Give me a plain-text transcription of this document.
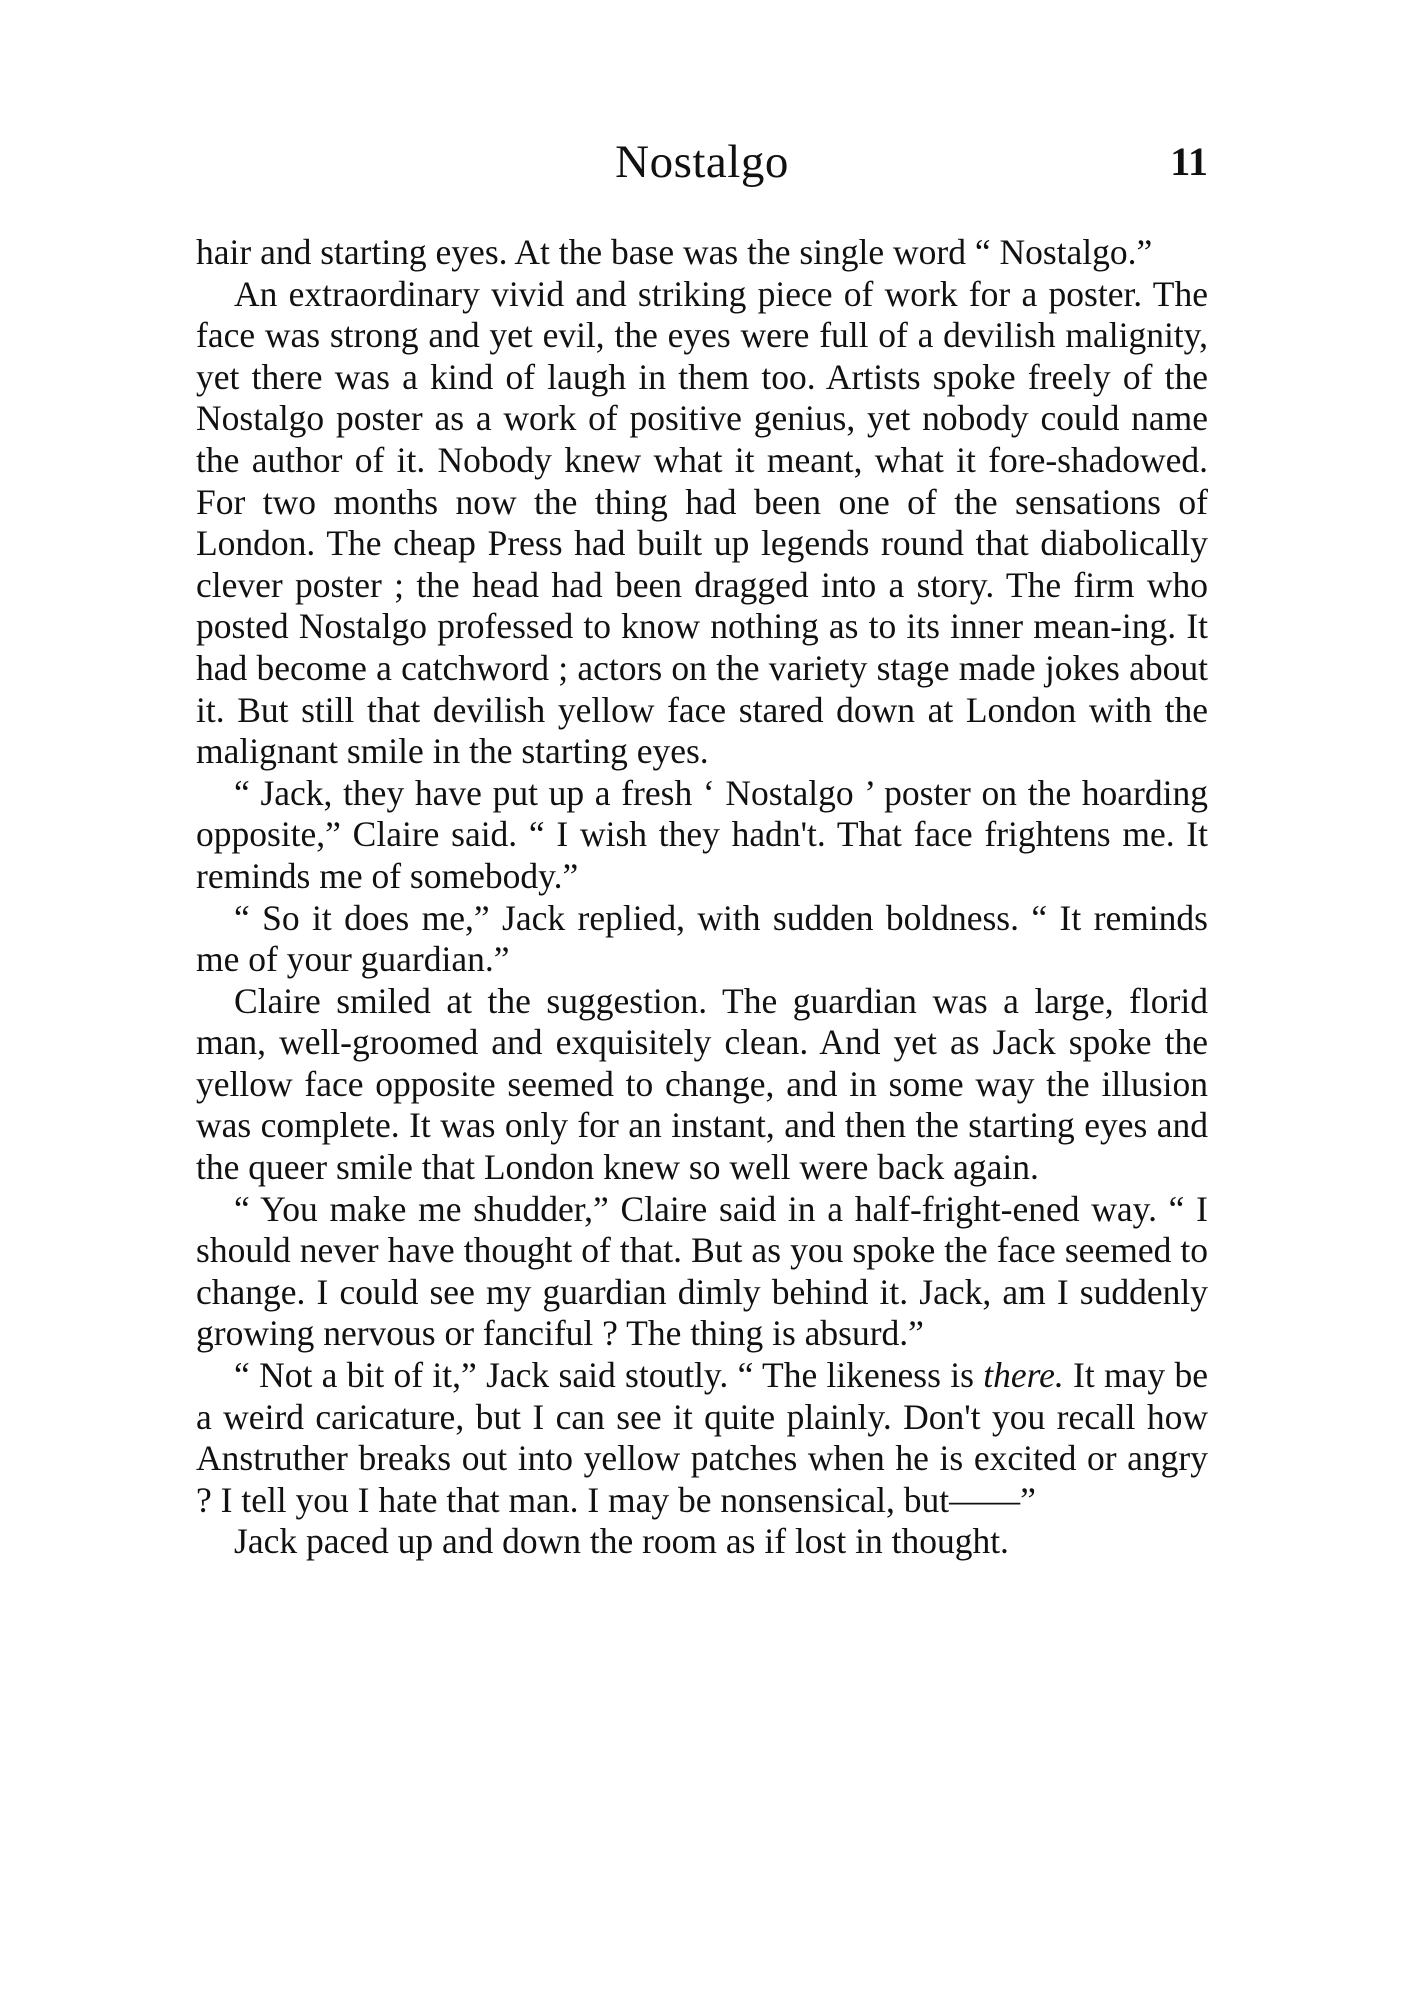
Nostalgo	11

hair and starting eyes. At the base was the single word “ Nostalgo.”

An extraordinary vivid and striking piece of work for a poster. The face was strong and yet evil, the eyes were full of a devilish malignity, yet there was a kind of laugh in them too. Artists spoke freely of the Nostalgo poster as a work of positive genius, yet nobody could name the author of it. Nobody knew what it meant, what it fore-shadowed. For two months now the thing had been one of the sensations of London. The cheap Press had built up legends round that diabolically clever poster ; the head had been dragged into a story. The firm who posted Nostalgo professed to know nothing as to its inner mean-ing. It had become a catchword ; actors on the variety stage made jokes about it. But still that devilish yellow face stared down at London with the malignant smile in the starting eyes.

“ Jack, they have put up a fresh ‘ Nostalgo ’ poster on the hoarding opposite,” Claire said. “ I wish they hadn't. That face frightens me. It reminds me of somebody.”

“ So it does me,” Jack replied, with sudden boldness. “ It reminds me of your guardian.”

Claire smiled at the suggestion. The guardian was a large, florid man, well-groomed and exquisitely clean. And yet as Jack spoke the yellow face opposite seemed to change, and in some way the illusion was complete. It was only for an instant, and then the starting eyes and the queer smile that London knew so well were back again.

“ You make me shudder,” Claire said in a half-fright-ened way. “ I should never have thought of that. But as you spoke the face seemed to change. I could see my guardian dimly behind it. Jack, am I suddenly growing nervous or fanciful ? The thing is absurd.”

“ Not a bit of it,” Jack said stoutly. “ The likeness is there. It may be a weird caricature, but I can see it quite plainly. Don't you recall how Anstruther breaks out into yellow patches when he is excited or angry ? I tell you I hate that man. I may be nonsensical, but——”

Jack paced up and down the room as if lost in thought.
